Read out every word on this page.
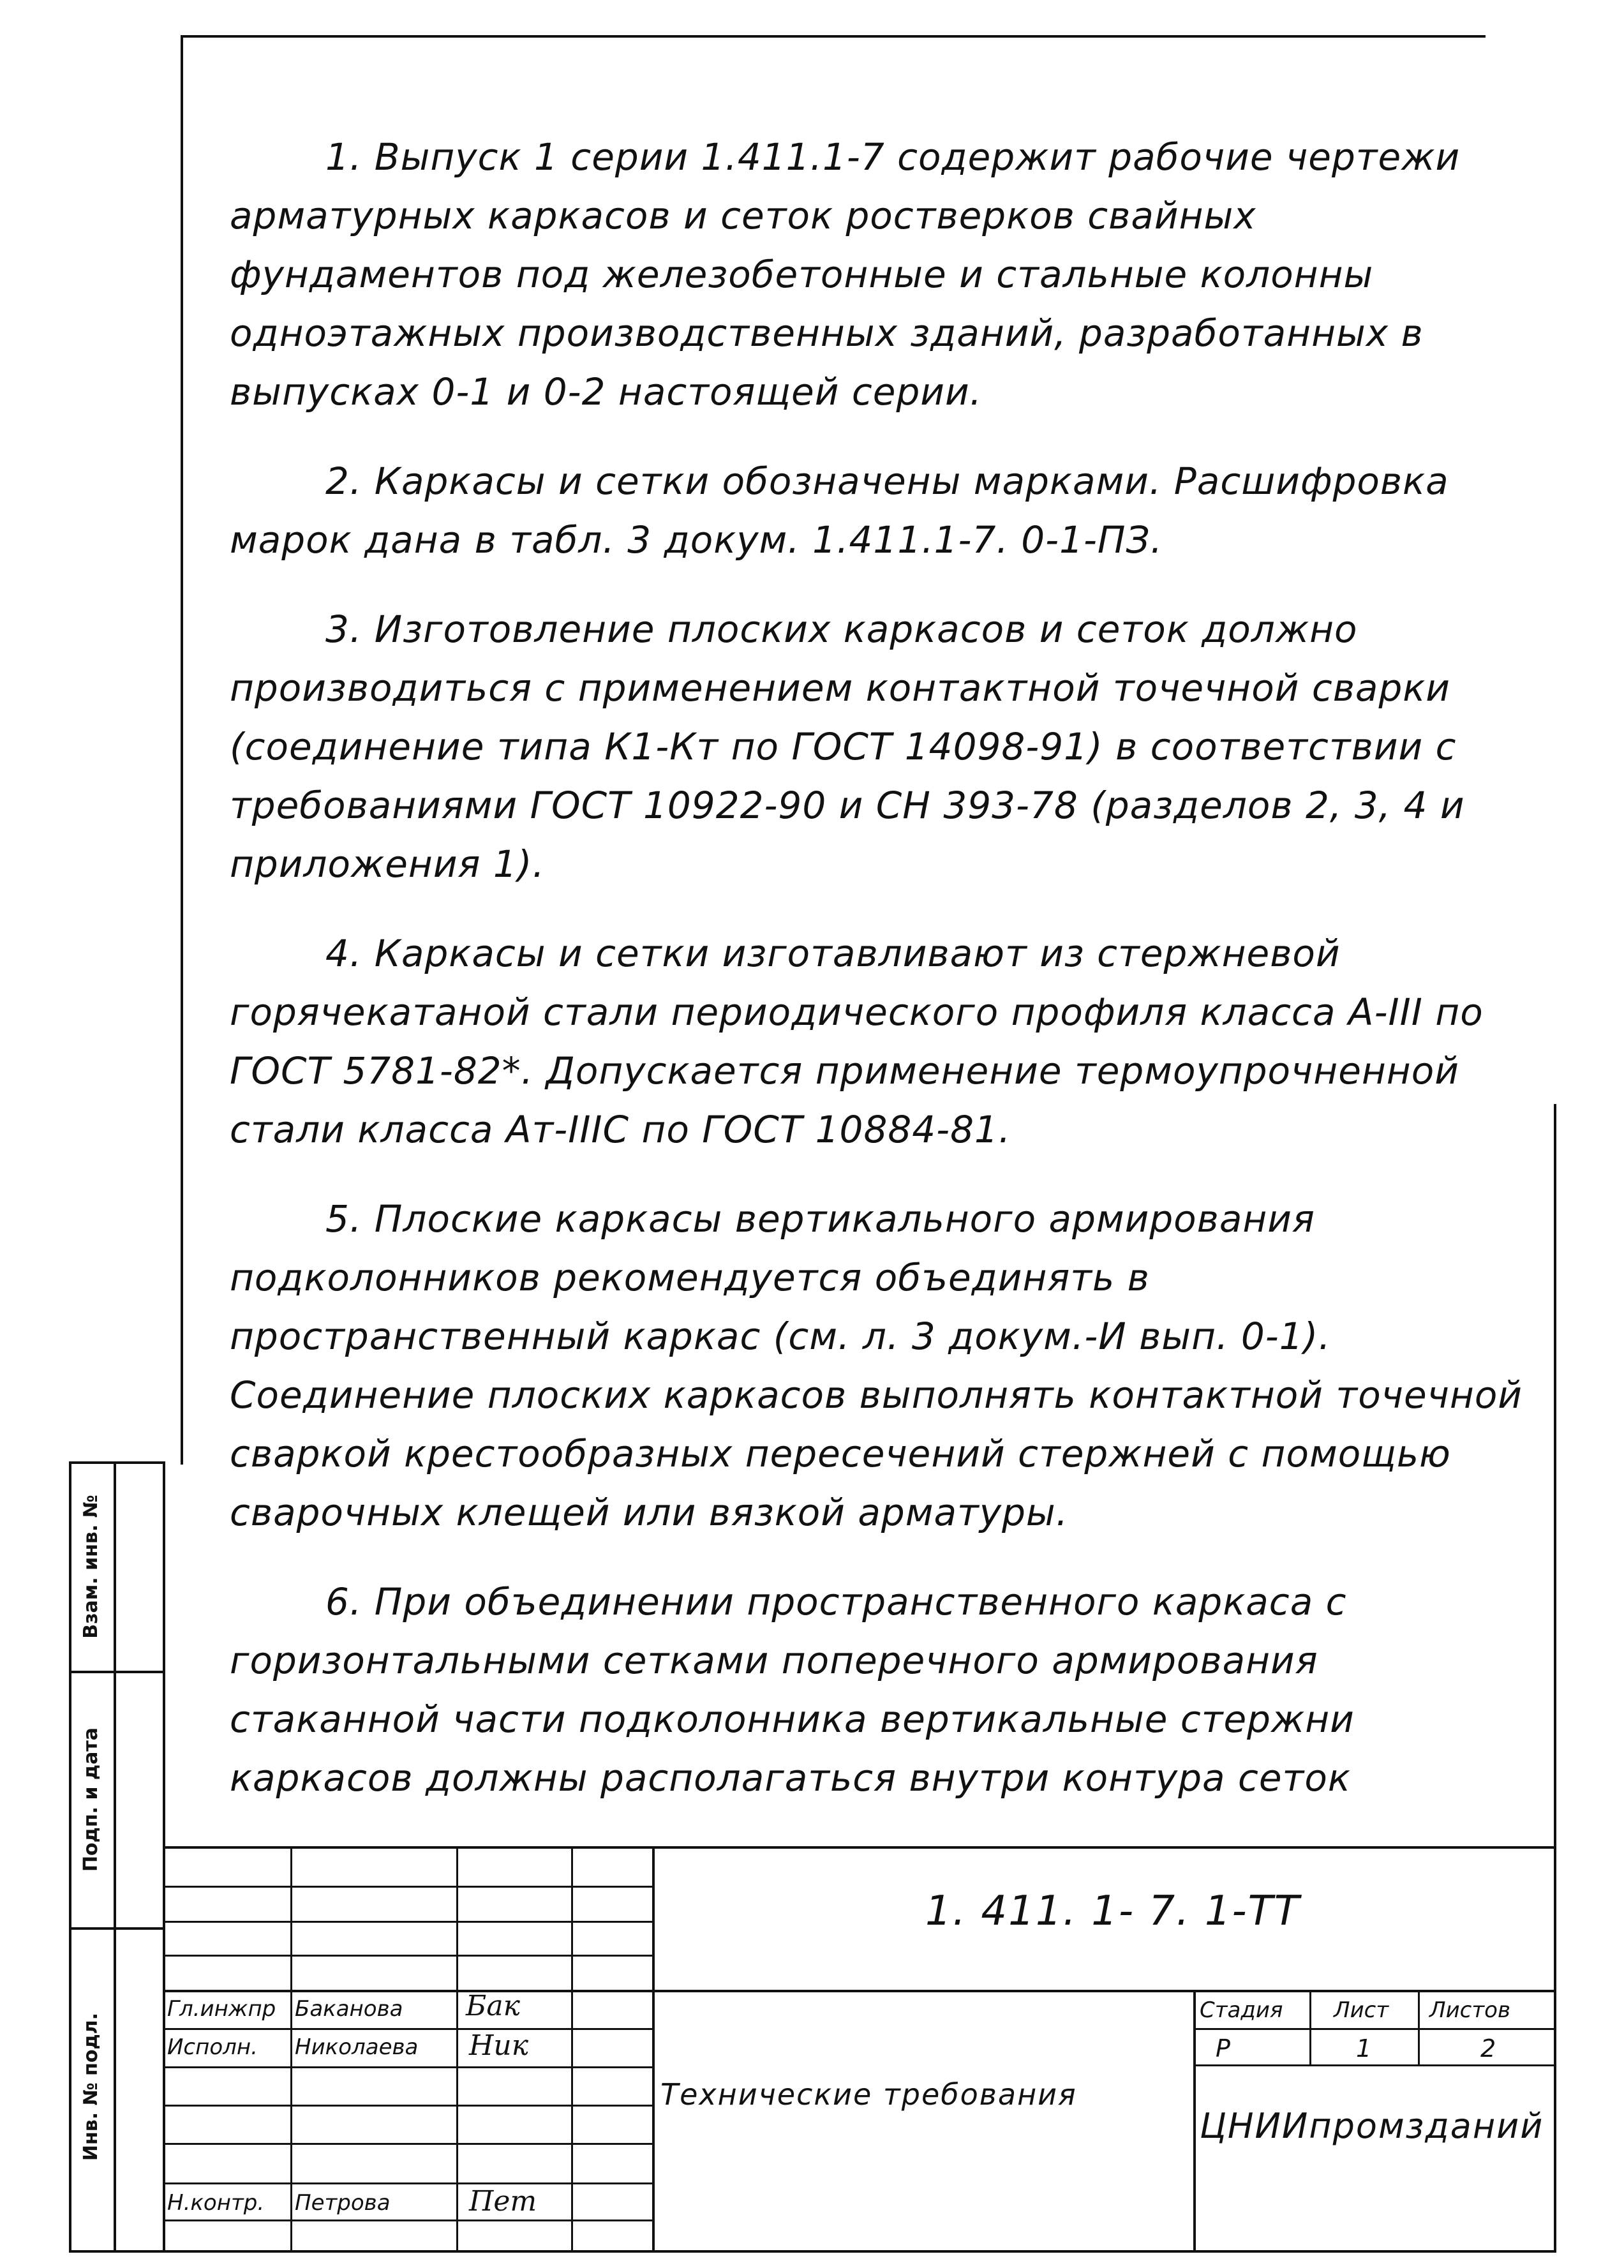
Взам. инв. №
Подп. и дата
Инв. № подл.

1. Выпуск 1 серии 1.411.1-7 содержит рабочие чертежи арматурных каркасов и сеток ростверков свайных фундаментов под железобетонные и стальные колонны одноэтажных производственных зданий, разработанных в выпусках 0-1 и 0-2 настоящей серии.

2. Каркасы и сетки обозначены марками. Расшифровка марок дана в табл. 3 докум. 1.411.1-7. 0-1-ПЗ.

3. Изготовление плоских каркасов и сеток должно производиться с применением контактной точечной сварки (соединение типа К1-Кт по ГОСТ 14098-91) в соответствии с требованиями ГОСТ 10922-90 и СН 393-78 (разделов 2, 3, 4 и приложения 1).

4. Каркасы и сетки изготавливают из стержневой горячекатаной стали периодического профиля класса А-III по ГОСТ 5781-82*. Допускается применение термоупрочненной стали класса Ат-IIIС по ГОСТ 10884-81.

5. Плоские каркасы вертикального армирования подколонников рекомендуется объединять в пространственный каркас (см. л. 3 докум.-И вып. 0-1). Соединение плоских каркасов выполнять контактной точечной сваркой крестообразных пересечений стержней с помощью сварочных клещей или вязкой арматуры.

6. При объединении пространственного каркаса с горизонтальными сетками поперечного армирования стаканной части подколонника вертикальные стержни каркасов должны располагаться внутри контура сеток

1. 411. 1- 7. 1-ТТ
Гл.инжпр Баканова Бак
Исполн. Николаева Ник
Н.контр. Петрова	Пет
Технические требования
Стадия Лист Листов
Р	1	2
ЦНИИпромзданий
